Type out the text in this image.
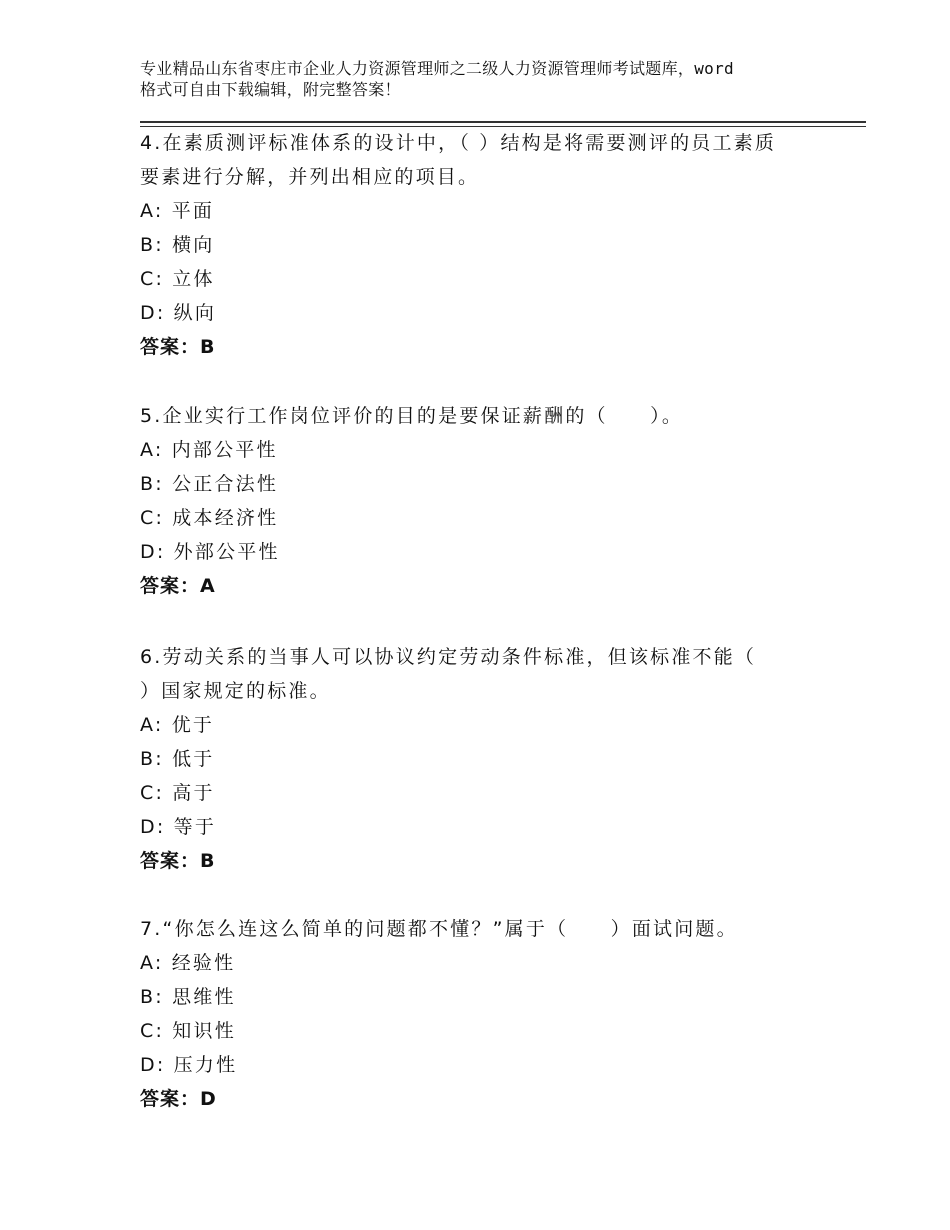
专业精品山东省枣庄市企业人力资源管理师之二级人力资源管理师考试题库，word
格式可自由下载编辑，附完整答案！
4.在素质测评标准体系的设计中，（ ）结构是将需要测评的员工素质
要素进行分解，并列出相应的项目。
A: 平面
B: 横向
C: 立体
D: 纵向
答案：B
5.企业实行工作岗位评价的目的是要保证薪酬的（　　）。
A: 内部公平性
B: 公正合法性
C: 成本经济性
D: 外部公平性
答案：A
6.劳动关系的当事人可以协议约定劳动条件标准，但该标准不能（
）国家规定的标准。
A: 优于
B: 低于
C: 高于
D: 等于
答案：B
7.“你怎么连这么简单的问题都不懂？”属于（　　）面试问题。
A: 经验性
B: 思维性
C: 知识性
D: 压力性
答案：D
